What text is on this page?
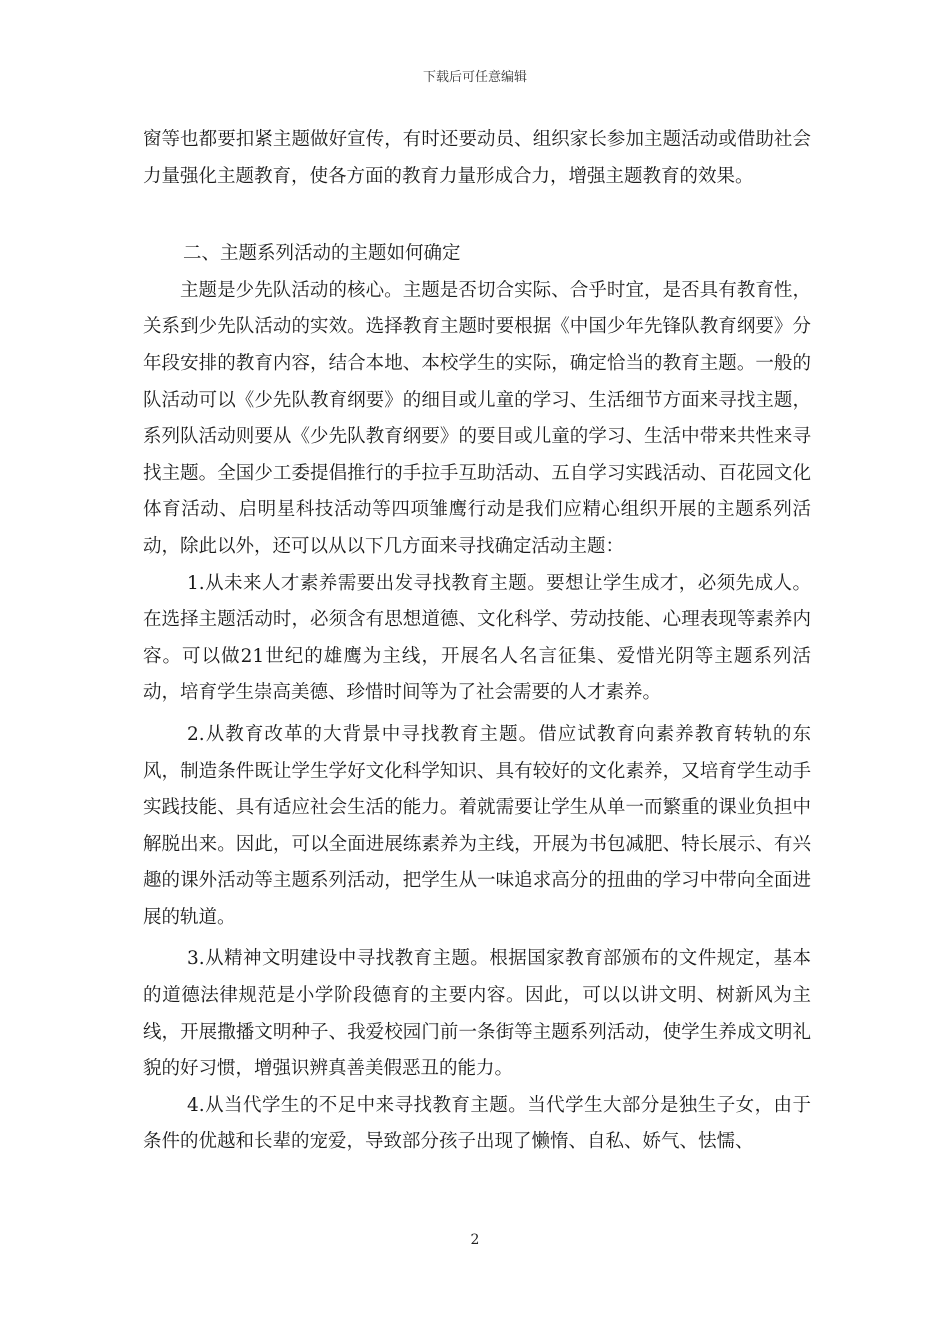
下载后可任意编辑

窗等也都要扣紧主题做好宣传，有时还要动员、组织家长参加主题活动或借助社会力量强化主题教育，使各方面的教育力量形成合力，增强主题教育的效果。

二、主题系列活动的主题如何确定

主题是少先队活动的核心。主题是否切合实际、合乎时宜，是否具有教育性，关系到少先队活动的实效。选择教育主题时要根据《中国少年先锋队教育纲要》分年段安排的教育内容，结合本地、本校学生的实际，确定恰当的教育主题。一般的队活动可以《少先队教育纲要》的细目或儿童的学习、生活细节方面来寻找主题，系列队活动则要从《少先队教育纲要》的要目或儿童的学习、生活中带来共性来寻找主题。全国少工委提倡推行的手拉手互助活动、五自学习实践活动、百花园文化体育活动、启明星科技活动等四项雏鹰行动是我们应精心组织开展的主题系列活动，除此以外，还可以从以下几方面来寻找确定活动主题：

1.从未来人才素养需要出发寻找教育主题。要想让学生成才，必须先成人。在选择主题活动时，必须含有思想道德、文化科学、劳动技能、心理表现等素养内容。可以做21世纪的雄鹰为主线，开展名人名言征集、爱惜光阴等主题系列活动，培育学生崇高美德、珍惜时间等为了社会需要的人才素养。

2.从教育改革的大背景中寻找教育主题。借应试教育向素养教育转轨的东风，制造条件既让学生学好文化科学知识、具有较好的文化素养，又培育学生动手实践技能、具有适应社会生活的能力。着就需要让学生从单一而繁重的课业负担中解脱出来。因此，可以全面进展练素养为主线，开展为书包减肥、特长展示、有兴趣的课外活动等主题系列活动，把学生从一味追求高分的扭曲的学习中带向全面进展的轨道。

3.从精神文明建设中寻找教育主题。根据国家教育部颁布的文件规定，基本的道德法律规范是小学阶段德育的主要内容。因此，可以以讲文明、树新风为主线，开展撒播文明种子、我爱校园门前一条街等主题系列活动，使学生养成文明礼貌的好习惯，增强识辨真善美假恶丑的能力。

4.从当代学生的不足中来寻找教育主题。当代学生大部分是独生子女，由于条件的优越和长辈的宠爱，导致部分孩子出现了懒惰、自私、娇气、怯懦、

2
